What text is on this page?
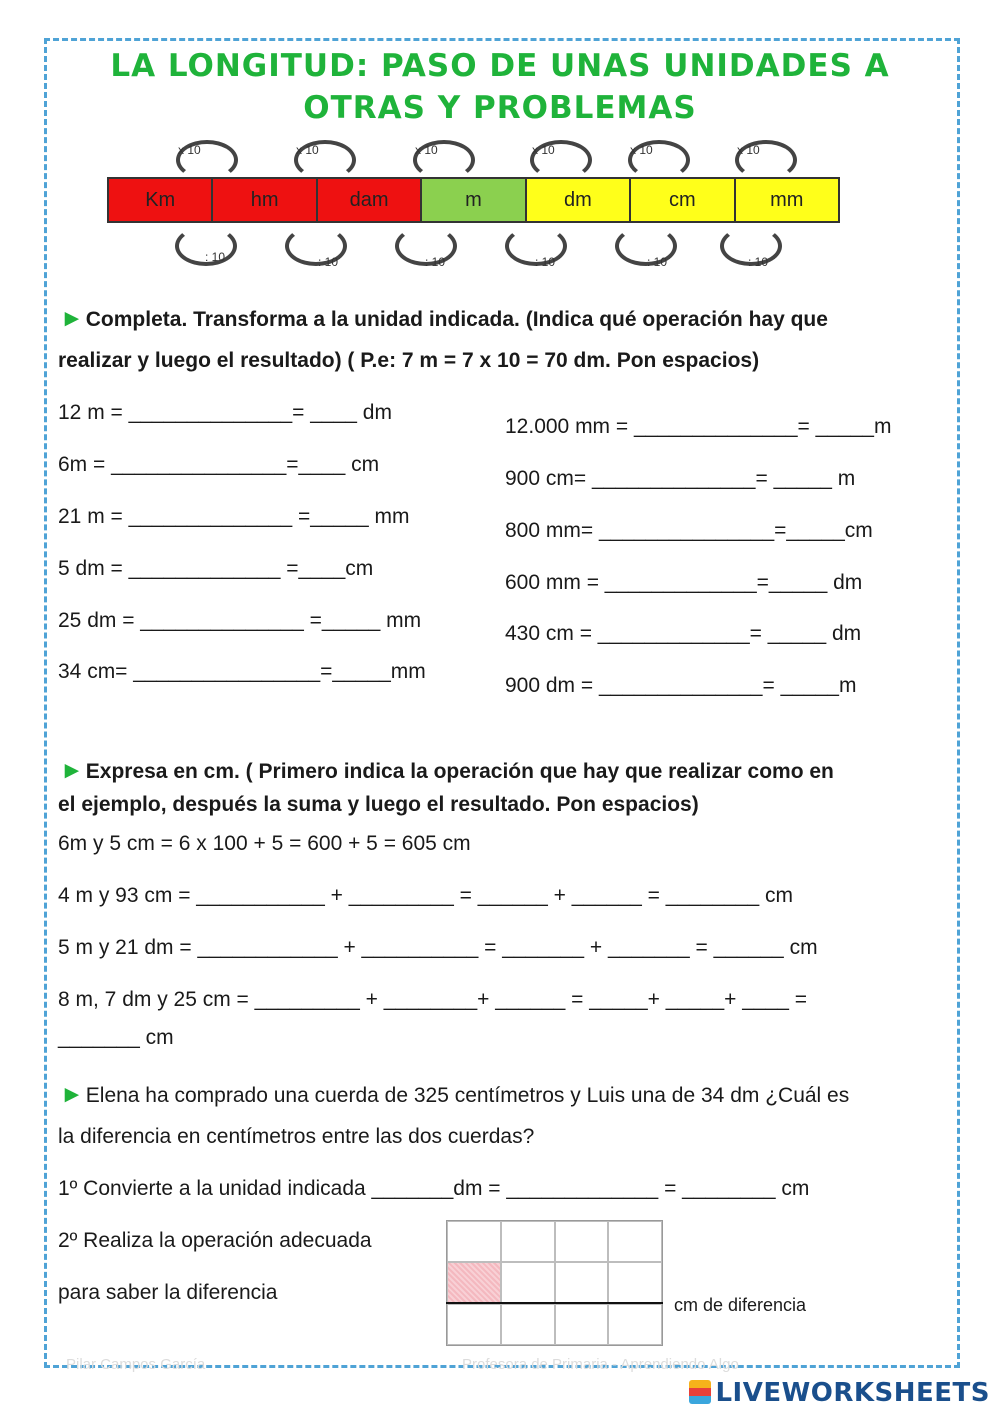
LA LONGITUD: PASO DE UNAS UNIDADES A
OTRAS Y PROBLEMAS
x 10	x 10	x 10	x 10	x 10	x 10
Km	hm	dam	m	dm	cm	mm
: 10	: 10	: 10	: 10	: 10	: 10
►Completa. Transforma a la unidad indicada. (Indica qué operación hay que
realizar y luego el resultado) ( P.e: 7 m = 7 x 10 = 70 dm. Pon espacios)
12 m = ______________= ____ dm
6m = _______________=____ cm
21 m = ______________ =_____ mm
5 dm = _____________ =____cm
25 dm = ______________ =_____ mm
34 cm= ________________=_____mm
12.000 mm = ______________= _____m
900 cm= ______________= _____ m
800 mm= _______________=_____cm
600 mm = _____________=_____ dm
430 cm = _____________= _____ dm
900 dm = ______________= _____m
►Expresa en cm. ( Primero indica la operación que hay que realizar como en
el ejemplo, después la suma y luego el resultado. Pon espacios)
6m y 5 cm = 6 x 100 + 5 = 600 + 5 = 605 cm
4 m y 93 cm = ___________ + _________ = ______ + ______ = ________ cm
5 m y 21 dm = ____________ + __________ = _______ + _______ = ______ cm
8 m, 7 dm y 25 cm = _________ + ________+ ______ = _____+ _____+ ____ =
_______ cm
►Elena ha comprado una cuerda de 325 centímetros y Luis una de 34 dm ¿Cuál es
la diferencia en centímetros entre las dos cuerdas?
1º Convierte a la unidad indicada _______dm = _____________ = ________ cm
2º Realiza la operación adecuada
para saber la diferencia
cm de diferencia
Pilar Campos García	Profesora de Primaria - Aprendiendo Algo
LIVEWORKSHEETS
